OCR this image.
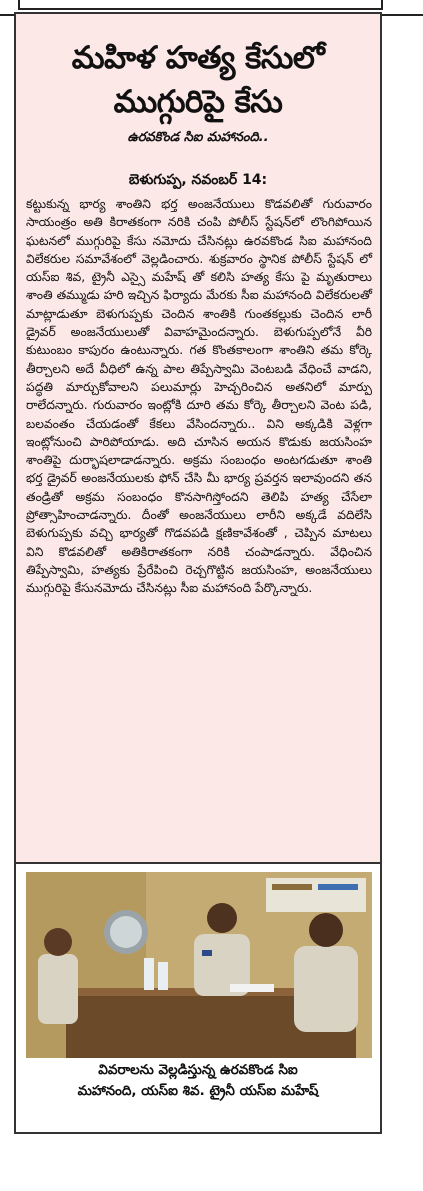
మహిళ హత్య కేసులో
ముగ్గురిపై కేసు
ఉరవకొండ సిఐ మహానంది..
బెళుగుప్ప, నవంబర్ 14:
కట్టుకున్న భార్య శాంతిని భర్త అంజనేయులు కొడవలితో గురువారం సాయంత్రం అతి కిరాతకంగా నరికి చంపి పోలీస్ స్టేషన్‌లో లొంగిపోయిన ఘటనలో ముగ్గురిపై కేసు నమోదు చేసినట్లు ఉరవకొండ సిఐ మహానంది విలేకరుల సమావేశంలో వెల్లడించారు. శుక్రవారం స్థానిక పోలీస్ స్టేషన్ లో యస్ఐ శివ, ట్రైనీ ఎస్సై మహేష్ తో కలిసి హత్య కేసు పై మృతురాలు శాంతి తమ్ముడు హరి ఇచ్చిన ఫిర్యాదు మేరకు సీఐ మహానంది విలేకరులతో మాట్లాడుతూ బెళుగుప్పకు చెందిన శాంతికి గుంతకల్లుకు చెందిన లారీ డ్రైవర్ అంజనేయులుతో వివాహమైందన్నారు. బెళుగుప్పలోనే వీరి కుటుంబం కాపురం ఉంటున్నారు. గత కొంతకాలంగా శాంతిని తమ కోర్కె తీర్చాలని అదే వీధిలో ఉన్న పాల తిప్పేస్వామి వెంటబడి వేధించే వాడని, పద్ధతి మార్చుకోవాలని పలుమార్లు హెచ్చరించిన అతనిలో మార్పు రాలేదన్నారు. గురువారం ఇంట్లోకి దూరి తమ కోర్కె తీర్చాలని వెంట పడి, బలవంతం చేయడంతో కేకలు వేసిందన్నారు.. విని అక్కడికి వెళ్లగా ఇంట్లోనుంచి పారిపోయాడు. అది చూసిన అయన కొడుకు జయసింహ శాంతిపై దుర్భాషలాడాడన్నారు. అక్రమ సంబంధం అంటగడుతూ శాంతి భర్త డ్రైవర్ అంజనేయులకు ఫోన్ చేసి మీ భార్య ప్రవర్తన ఇలావుందని తన తండ్రితో అక్రమ సంబంధం కొనసాగిస్తోందని తెలిపి హత్య చేసేలా ప్రోత్సాహించాడన్నారు. దీంతో అంజనేయులు లారీని అక్కడే వదిలేసి బెళుగుప్పకు వచ్చి భార్యతో గొడవపడి క్షణికావేశంతో , చెప్పిన మాటలు విని కొడవలితో అతికిరాతకంగా నరికి చంపాడన్నారు. వేధించిన తిప్పేస్వామి, హత్యకు ప్రేరేపించి రెచ్చగొట్టిన జయసింహ, అంజనేయులు ముగ్గురిపై కేసునమోదు చేసినట్లు సీఐ మహానంది పేర్కొన్నారు.
వివరాలను వెల్లడిస్తున్న ఉరవకొండ సిఐ
మహానంది, యస్ఐ శివ. ట్రైనీ యస్ఐ మహేష్
